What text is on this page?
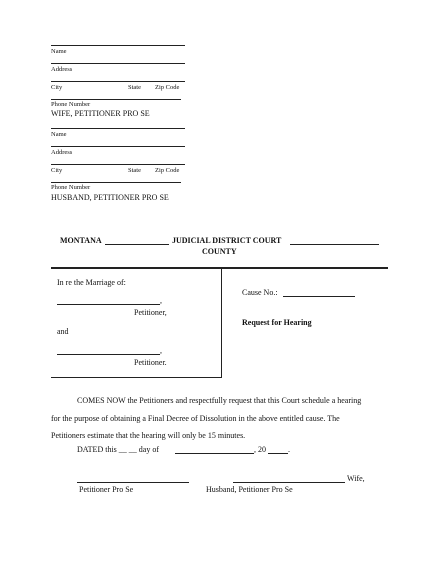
Name
Address
City	State Zip Code
Phone Number
WIFE, PETITIONER PRO SE
Name
Address
City	State Zip Code
Phone Number
HUSBAND, PETITIONER PRO SE
MONTANA	JUDICIAL DISTRICT COURT
COUNTY
In re the Marriage of:
,
Petitioner,
and
,
Petitioner.
Cause No.:
Request for Hearing
COMES NOW the Petitioners and respectfully request that this Court schedule a hearing
for the purpose of obtaining a Final Decree of Dissolution in the above entitled cause. The
Petitioners estimate that the hearing will only be 15 minutes.
DATED this __ __ day of	, 20	.
Wife,
Petitioner Pro Se	Husband, Petitioner Pro Se
